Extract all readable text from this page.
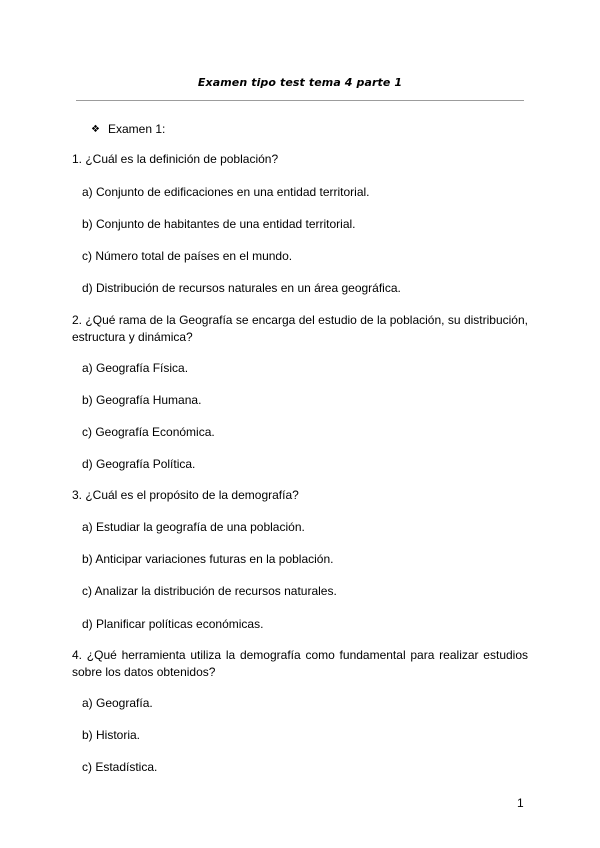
Examen tipo test tema 4 parte 1
❖ Examen 1:
1. ¿Cuál es la definición de población?
a) Conjunto de edificaciones en una entidad territorial.
b) Conjunto de habitantes de una entidad territorial.
c) Número total de países en el mundo.
d) Distribución de recursos naturales en un área geográfica.
2. ¿Qué rama de la Geografía se encarga del estudio de la población, su distribución, estructura y dinámica?
a) Geografía Física.
b) Geografía Humana.
c) Geografía Económica.
d) Geografía Política.
3. ¿Cuál es el propósito de la demografía?
a) Estudiar la geografía de una población.
b) Anticipar variaciones futuras en la población.
c) Analizar la distribución de recursos naturales.
d) Planificar políticas económicas.
4. ¿Qué herramienta utiliza la demografía como fundamental para realizar estudios sobre los datos obtenidos?
a) Geografía.
b) Historia.
c) Estadística.
1
